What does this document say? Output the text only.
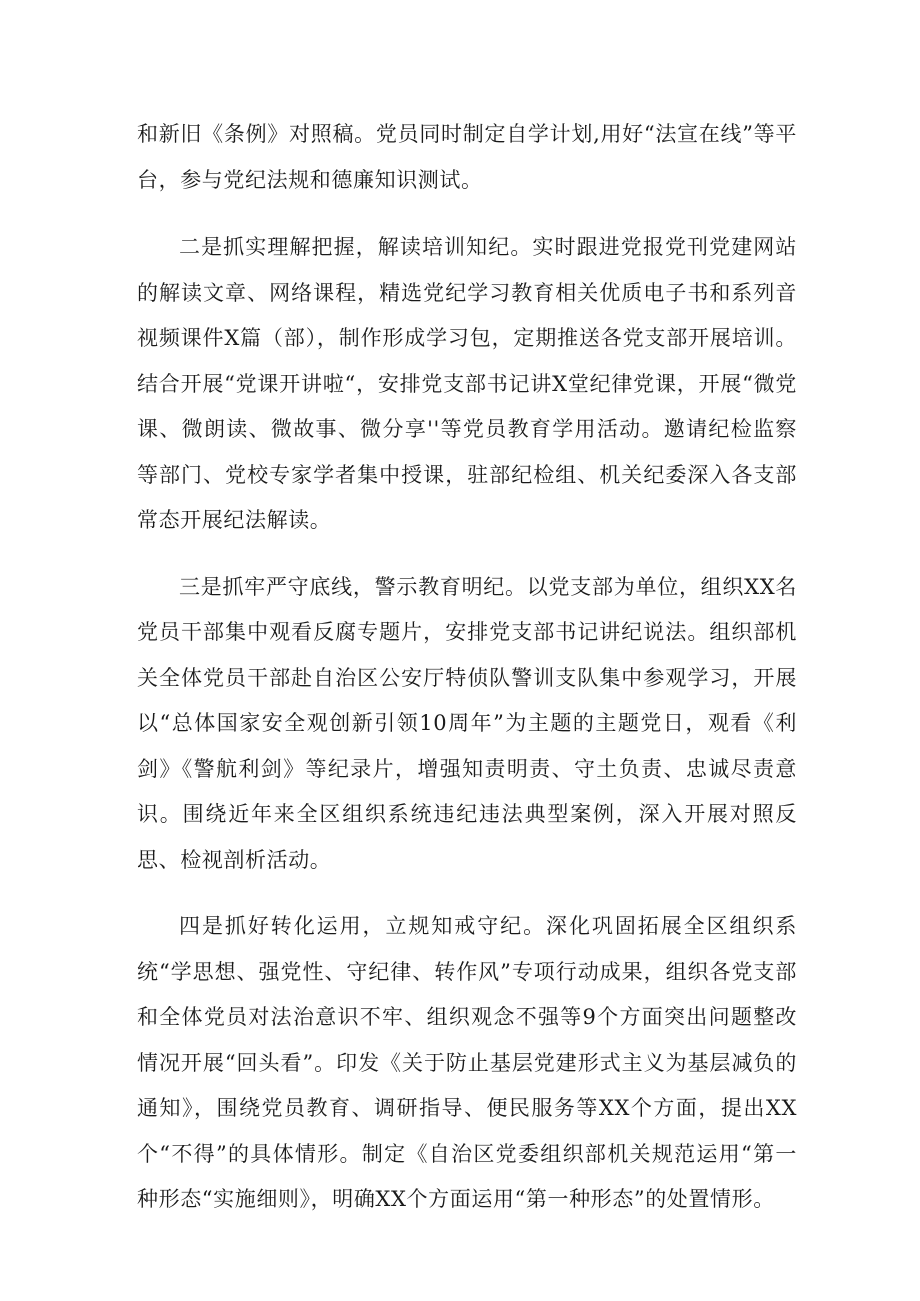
和新旧《条例》对照稿。党员同时制定自学计划,用好“法宣在线”等平台，参与党纪法规和德廉知识测试。

二是抓实理解把握，解读培训知纪。实时跟进党报党刊党建网站的解读文章、网络课程，精选党纪学习教育相关优质电子书和系列音视频课件X篇（部），制作形成学习包，定期推送各党支部开展培训。结合开展“党课开讲啦“，安排党支部书记讲X堂纪律党课，开展“微党课、微朗读、微故事、微分享''等党员教育学用活动。邀请纪检监察等部门、党校专家学者集中授课，驻部纪检组、机关纪委深入各支部常态开展纪法解读。

三是抓牢严守底线，警示教育明纪。以党支部为单位，组织XX名党员干部集中观看反腐专题片，安排党支部书记讲纪说法。组织部机关全体党员干部赴自治区公安厅特侦队警训支队集中参观学习，开展以“总体国家安全观创新引领10周年”为主题的主题党日，观看《利剑》《警航利剑》等纪录片，增强知责明责、守土负责、忠诚尽责意识。围绕近年来全区组织系统违纪违法典型案例，深入开展对照反思、检视剖析活动。

四是抓好转化运用，立规知戒守纪。深化巩固拓展全区组织系统“学思想、强党性、守纪律、转作风”专项行动成果，组织各党支部和全体党员对法治意识不牢、组织观念不强等9个方面突出问题整改情况开展“回头看”。印发《关于防止基层党建形式主义为基层减负的通知》，围绕党员教育、调研指导、便民服务等XX个方面，提出XX个“不得”的具体情形。制定《自治区党委组织部机关规范运用“第一种形态“实施细则》，明确XX个方面运用“第一种形态”的处置情形。
